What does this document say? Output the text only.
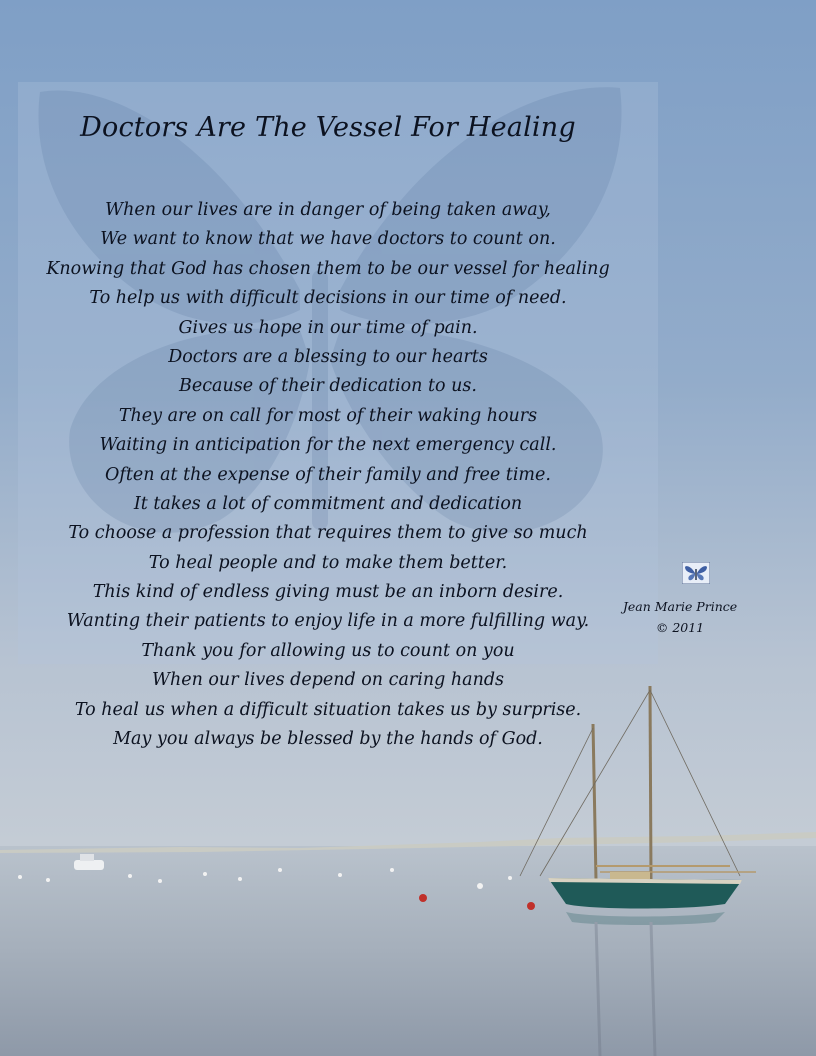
Doctors Are The Vessel For Healing
When our lives are in danger of being taken away,
We want to know that we have doctors to count on.
Knowing that God has chosen them to be our vessel for healing
To help us with difficult decisions in our time of need.
Gives us hope in our time of pain.
Doctors are a blessing to our hearts
Because of their dedication to us.
They are on call for most of their waking hours
Waiting in anticipation for the next emergency call.
Often at the expense of their family and free time.
It takes a lot of commitment and dedication
To choose a profession that requires them to give so much
To heal people and to make them better.
This kind of endless giving must be an inborn desire.
Wanting their patients to enjoy life in a more fulfilling way.
Thank you for allowing us to count on you
When our lives depend on caring hands
To heal us when a difficult situation takes us by surprise.
May you always be blessed by the hands of God.
Jean Marie Prince
© 2011
